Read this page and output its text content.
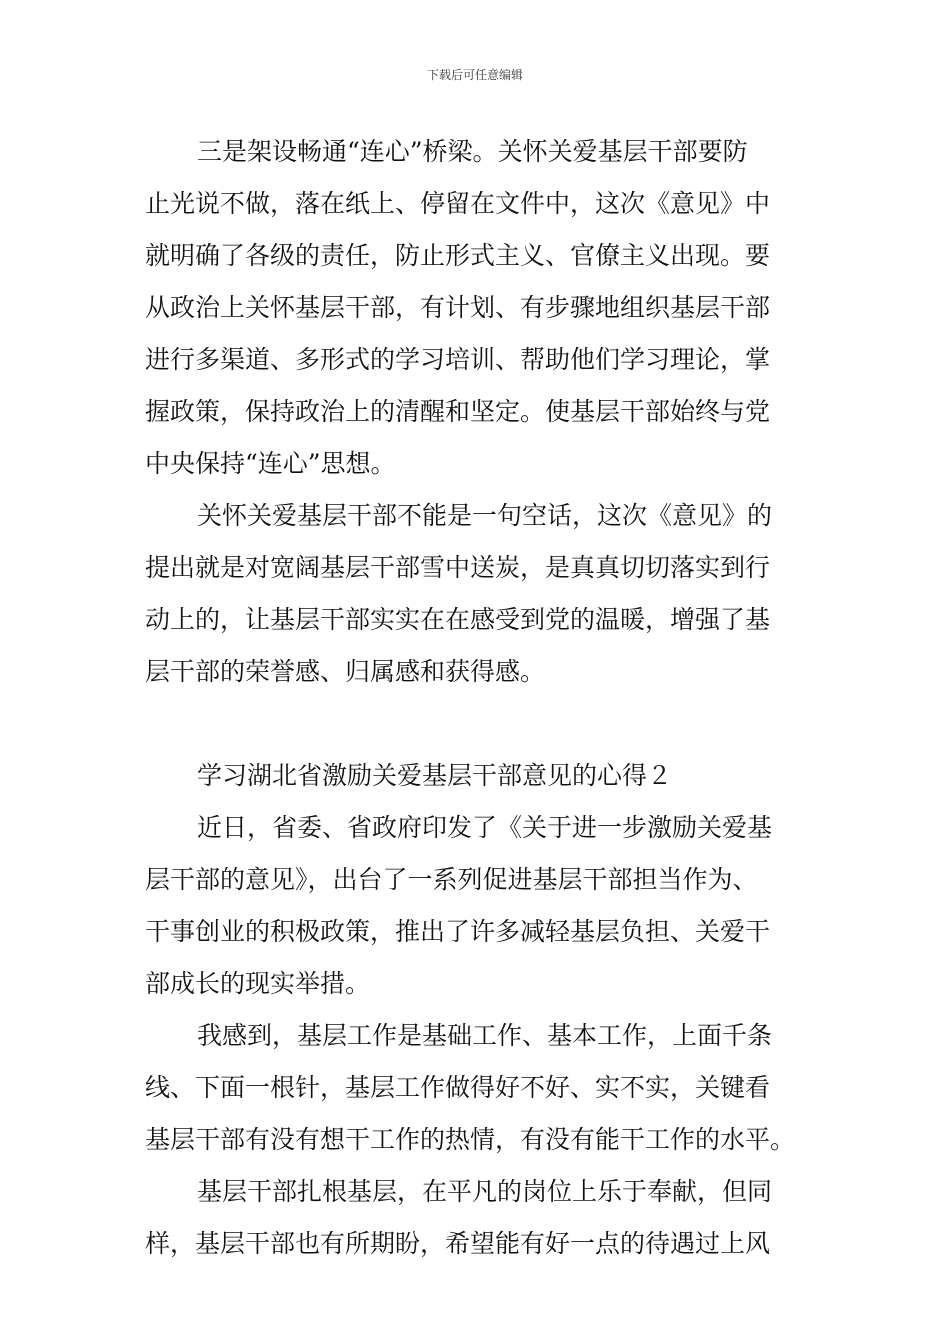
下载后可任意编辑

三是架设畅通“连心”桥梁。关怀关爱基层干部要防

止光说不做，落在纸上、停留在文件中，这次《意见》中

就明确了各级的责任，防止形式主义、官僚主义出现。要

从政治上关怀基层干部，有计划、有步骤地组织基层干部

进行多渠道、多形式的学习培训、帮助他们学习理论，掌

握政策，保持政治上的清醒和坚定。使基层干部始终与党

中央保持“连心”思想。

关怀关爱基层干部不能是一句空话，这次《意见》的

提出就是对宽阔基层干部雪中送炭，是真真切切落实到行

动上的，让基层干部实实在在感受到党的温暖，增强了基

层干部的荣誉感、归属感和获得感。

学习湖北省激励关爱基层干部意见的心得２

近日，省委、省政府印发了《关于进一步激励关爱基

层干部的意见》，出台了一系列促进基层干部担当作为、

干事创业的积极政策，推出了许多减轻基层负担、关爱干

部成长的现实举措。

我感到，基层工作是基础工作、基本工作，上面千条

线、下面一根针，基层工作做得好不好、实不实，关键看

基层干部有没有想干工作的热情，有没有能干工作的水平。

基层干部扎根基层，在平凡的岗位上乐于奉献，但同

样，基层干部也有所期盼，希望能有好一点的待遇过上风
